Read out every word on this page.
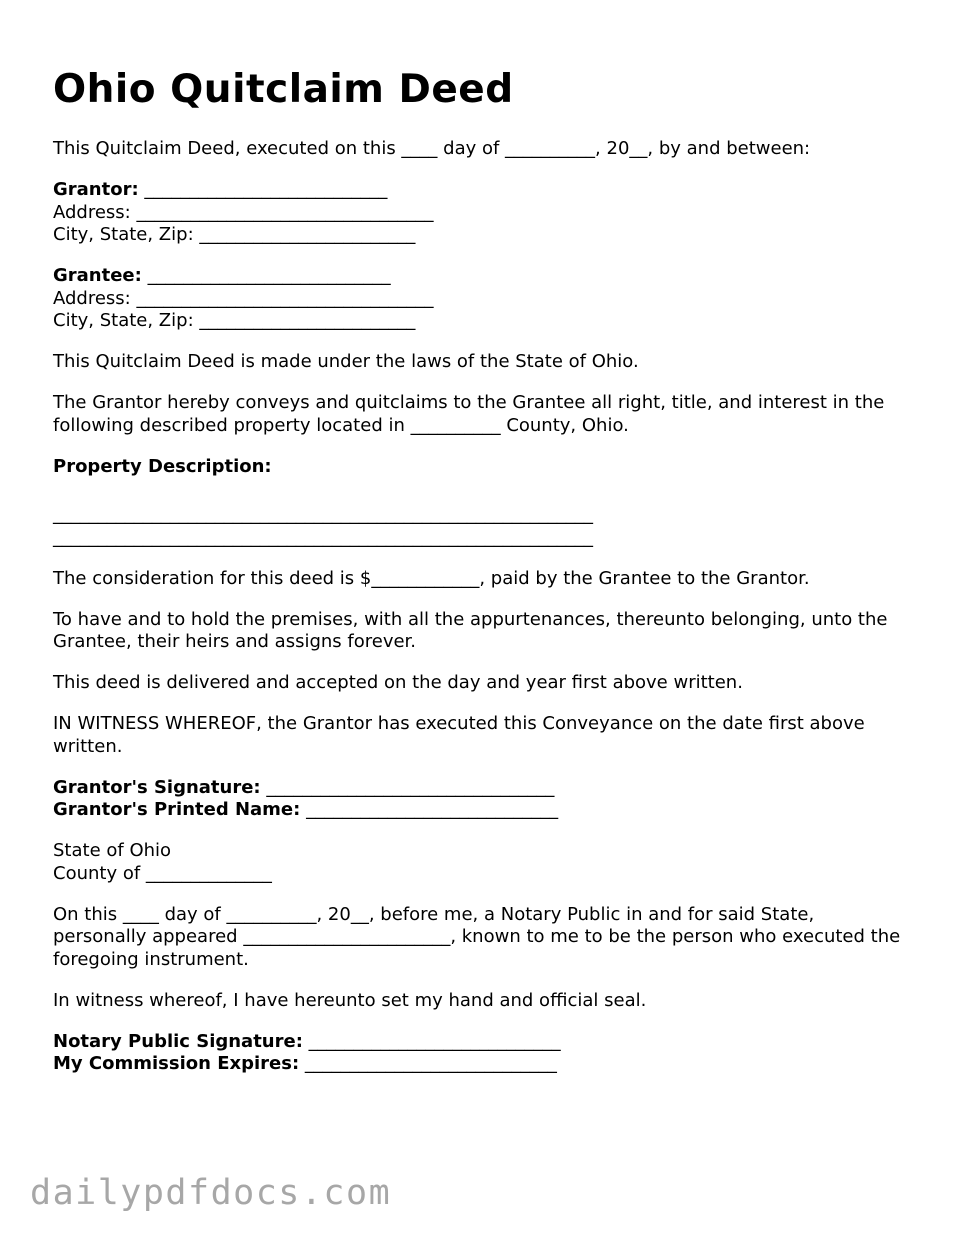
Ohio Quitclaim Deed

This Quitclaim Deed, executed on this ____ day of __________, 20__, by and between:

Grantor: ___________________________
Address: _________________________________
City, State, Zip: ________________________
Grantee: ___________________________
Address: _________________________________
City, State, Zip: ________________________

This Quitclaim Deed is made under the laws of the State of Ohio.

The Grantor hereby conveys and quitclaims to the Grantee all right, title, and interest in the following described property located in __________ County, Ohio.

Property Description:
____________________________________________________________
____________________________________________________________

The consideration for this deed is $____________, paid by the Grantee to the Grantor.

To have and to hold the premises, with all the appurtenances, thereunto belonging, unto the Grantee, their heirs and assigns forever.

This deed is delivered and accepted on the day and year first above written.

IN WITNESS WHEREOF, the Grantor has executed this Conveyance on the date first above written.

Grantor's Signature: ________________________________
Grantor's Printed Name: ____________________________
State of Ohio
County of ______________

On this ____ day of __________, 20__, before me, a Notary Public in and for said State, personally appeared _______________________, known to me to be the person who executed the foregoing instrument.

In witness whereof, I have hereunto set my hand and official seal.

Notary Public Signature: ____________________________
My Commission Expires: ____________________________
dailypdfdocs.com
